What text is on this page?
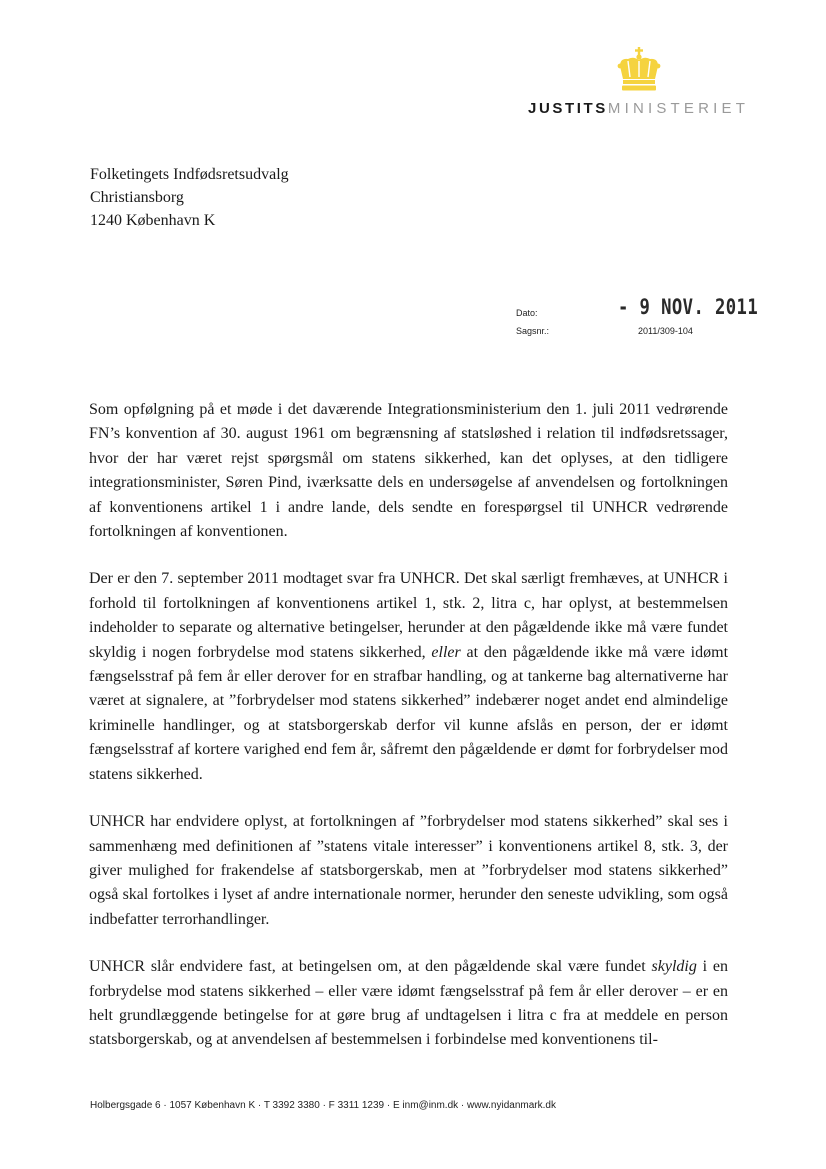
JUSTITSMINISTERIET
Folketingets Indfødsretsudvalg
Christiansborg
1240 København K
Dato:	- 9 NOV. 2011
Sagsnr.:	2011/309-104

Som opfølgning på et møde i det daværende Integrationsministerium den 1. juli 2011 vedrørende FN’s konvention af 30. august 1961 om begrænsning af statsløshed i relation til indfødsretssager, hvor der har været rejst spørgsmål om statens sikkerhed, kan det oplyses, at den tidligere integrationsminister, Søren Pind, iværksatte dels en undersøgelse af anvendelsen og fortolkningen af konventionens artikel 1 i andre lande, dels sendte en forespørgsel til UNHCR vedrørende fortolkningen af konventionen.

Der er den 7. september 2011 modtaget svar fra UNHCR. Det skal særligt fremhæves, at UNHCR i forhold til fortolkningen af konventionens artikel 1, stk. 2, litra c, har oplyst, at bestemmelsen indeholder to separate og alternative betingelser, herunder at den pågældende ikke må være fundet skyldig i nogen forbrydelse mod statens sikkerhed, eller at den pågældende ikke må være idømt fængselsstraf på fem år eller derover for en strafbar handling, og at tankerne bag alternativerne har været at signalere, at ”forbrydelser mod statens sikkerhed” indebærer noget andet end almindelige kriminelle handlinger, og at statsborgerskab derfor vil kunne afslås en person, der er idømt fængselsstraf af kortere varighed end fem år, såfremt den pågældende er dømt for forbrydelser mod statens sikkerhed.

UNHCR har endvidere oplyst, at fortolkningen af ”forbrydelser mod statens sikkerhed” skal ses i sammenhæng med definitionen af ”statens vitale interesser” i konventionens artikel 8, stk. 3, der giver mulighed for frakendelse af statsborgerskab, men at ”forbrydelser mod statens sikkerhed” også skal fortolkes i lyset af andre internationale normer, herunder den seneste udvikling, som også indbefatter terrorhandlinger.

UNHCR slår endvidere fast, at betingelsen om, at den pågældende skal være fundet skyldig i en forbrydelse mod statens sikkerhed – eller være idømt fængselsstraf på fem år eller derover – er en helt grundlæggende betingelse for at gøre brug af undtagelsen i litra c fra at meddele en person statsborgerskab, og at anvendelsen af bestemmelsen i forbindelse med konventionens til-

Holbergsgade 6 · 1057 København K · T 3392 3380 · F 3311 1239 · E inm@inm.dk · www.nyidanmark.dk
